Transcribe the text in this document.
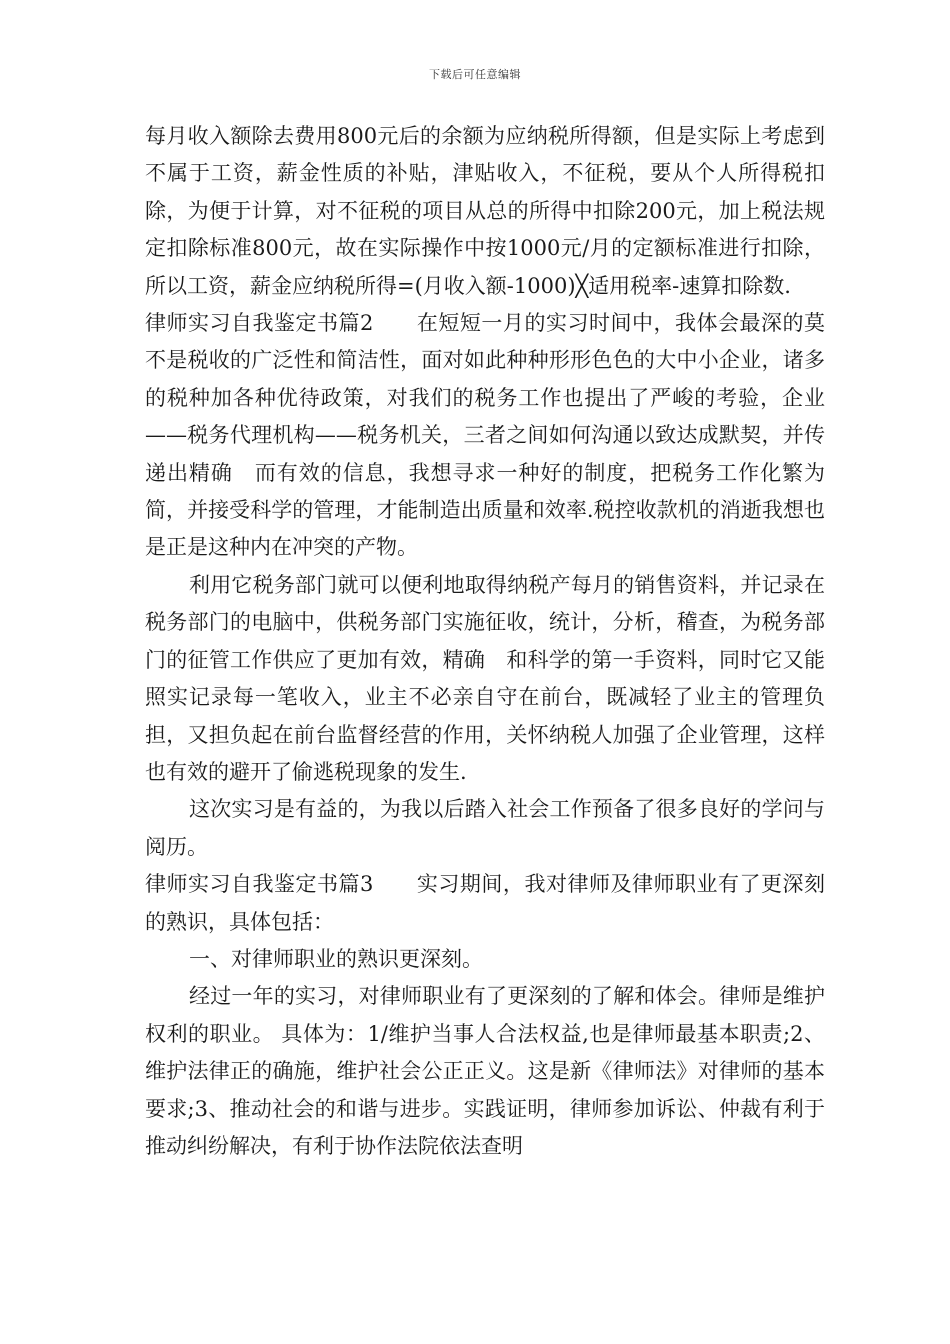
下载后可任意编辑

每月收入额除去费用800元后的余额为应纳税所得额，但是实际上考虑到不属于工资，薪金性质的补贴，津贴收入，不征税，要从个人所得税扣除，为便于计算，对不征税的项目从总的所得中扣除200元，加上税法规定扣除标准800元，故在实际操作中按1000元/月的定额标准进行扣除，所以工资，薪金应纳税所得=(月收入额-1000)╳适用税率-速算扣除数.

律师实习自我鉴定书篇2　　在短短一月的实习时间中，我体会最深的莫不是税收的广泛性和简洁性，面对如此种种形形色色的大中小企业，诸多的税种加各种优待政策，对我们的税务工作也提出了严峻的考验，企业——税务代理机构——税务机关，三者之间如何沟通以致达成默契，并传递出精确　而有效的信息，我想寻求一种好的制度，把税务工作化繁为简，并接受科学的管理，才能制造出质量和效率.税控收款机的消逝我想也是正是这种内在冲突的产物。

利用它税务部门就可以便利地取得纳税产每月的销售资料，并记录在税务部门的电脑中，供税务部门实施征收，统计，分析，稽查，为税务部门的征管工作供应了更加有效，精确　和科学的第一手资料，同时它又能照实记录每一笔收入，业主不必亲自守在前台，既减轻了业主的管理负担，又担负起在前台监督经营的作用，关怀纳税人加强了企业管理，这样也有效的避开了偷逃税现象的发生.

这次实习是有益的，为我以后踏入社会工作预备了很多良好的学问与阅历。

律师实习自我鉴定书篇3　　实习期间，我对律师及律师职业有了更深刻的熟识，具体包括：

一、对律师职业的熟识更深刻。

经过一年的实习，对律师职业有了更深刻的了解和体会。律师是维护权利的职业。 具体为：1/维护当事人合法权益,也是律师最基本职责;2、维护法律正的确施，维护社会公正正义。这是新《律师法》对律师的基本要求;3、推动社会的和谐与进步。实践证明，律师参加诉讼、仲裁有利于推动纠纷解决，有利于协作法院依法查明
